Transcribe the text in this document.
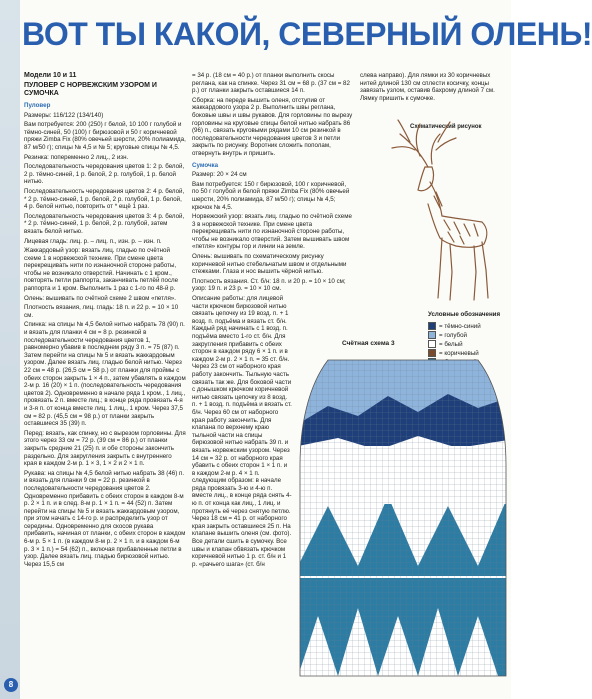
ВОТ ТЫ КАКОЙ, СЕВЕРНЫЙ ОЛЕНЬ!

Модели 10 и 11

ПУЛОВЕР С НОРВЕЖСКИМ УЗОРОМ И СУМОЧКА

Пуловер

Размеры: 116/122 (134/140)

Вам потребуется: 200 (250) г белой, 10 100 г голубой и тёмно-синей, 50 (100) г бирюзовой и 50 г коричневой пряжи Zimba Fix (80% овечьей шерсти, 20% полиамида, 87 м/50 г); спицы № 4,5 и № 5; круговые спицы № 4,5.

Резинка: попеременно 2 лиц., 2 изн.

Последовательность чередования цветов 1: 2 р. белой, 2 р. тёмно-синей, 1 р. белой, 2 р. голубой, 1 р. белой нитью.

Последовательность чередования цветов 2: 4 р. белой, * 2 р. тёмно-синей, 1 р. белой, 2 р. голубой, 1 р. белой, 4 р. белой нитью, повторить от * ещё 1 раз.

Последовательность чередования цветов 3: 4 р. белой, * 2 р. тёмно-синей, 1 р. белой, 2 р. голубой, затем вязать белой нитью.

Лицевая гладь: лиц. р. – лиц. п., изн. р. – изн. п.

Жаккардовый узор: вязать лиц. гладью по счётной схеме 1 в норвежской технике. При смене цвета перекрещивать нити по изнаночной стороне работы, чтобы не возникало отверстий. Начинать с 1 кром., повторять петли раппорта, заканчивать петлёй после раппорта и 1 кром. Выполнить 1 раз с 1-го по 48-й р.

Олень: вышивать по счётной схеме 2 швом «петля».

Плотность вязания, лиц. гладь: 18 п. и 22 р. = 10 × 10 см.

Спинка: на спицы № 4,5 белой нитью набрать 78 (90) п. и вязать для планки 4 см = 8 р. резинкой в последовательности чередования цветов 1, равномерно убавив в последнем ряду 3 п. = 75 (87) п. Затем перейти на спицы № 5 и вязать жаккардовым узором. Далее вязать лиц. гладью белой нитью. Через 22 см = 48 р. (26,5 см = 58 р.) от планки для проймы с обеих сторон закрыть 1 × 4 п., затем убавлять в каждом 2-м р. 16 (20) × 1 п. (последовательность чередования цветов 2). Одновременно в начале ряда 1 кром., 1 лиц., провязать 2 п. вместе лиц.; в конце ряда провязать 4-я и 3-я п. от конца вместе лиц. 1 лиц., 1 кром. Через 37,5 см = 82 р. (45,5 см = 98 р.) от планки закрыть оставшиеся 35 (39) п.

Перед: вязать, как спинку, но с вырезом горловины. Для этого через 33 см = 72 р. (39 см = 86 р.) от планки закрыть средние 21 (25) п. и обе стороны закончить раздельно. Для закругления закрыть с внутреннего края в каждом 2-м р. 1 × 3, 1 × 2 и 2 × 1 п.

Рукава: на спицы № 4,5 белой нитью набрать 38 (46) п. и вязать для планки 9 см = 22 р. резинкой в последовательности чередования цветов 2. Одновременно прибавить с обеих сторон в каждом 8-м р. 2 × 1 п. и в след. 8-м р. 1 × 1 п. = 44 (52) п. Затем перейти на спицы № 5 и вязать жаккардовым узором, при этом начать с 14-го р. и распределить узор от середины. Одновременно для скосов рукава прибавить, начиная от планки, с обеих сторон в каждом 6-м р. 5 × 1 п. (в каждом 8-м р. 2 × 1 п. и в каждом 6-м р. 3 × 1 п.) = 54 (62) п., включая прибавленные петли в узор. Далее вязать лиц. гладью бирюзовой нитью. Через 15,5 см

= 34 р. (18 см = 40 р.) от планки выполнить скосы реглана, как на спинке. Через 31 см = 68 р. (37 см = 82 р.) от планки закрыть оставшиеся 14 п.

Сборка: на переде вышить оленя, отступив от жаккардового узора 2 р. Выполнить швы реглана, боковые швы и швы рукавов. Для горловины по вырезу горловины на круговые спицы белой нитью набрать 86 (96) п., связать круговыми рядами 10 см резинкой в последовательности чередования цветов 3 и петли закрыть по рисунку. Воротник сложить пополам, отвернуть внутрь и пришить.

Сумочка

Размер: 20 × 24 см

Вам потребуется: 150 г бирюзовой, 100 г коричневой, по 50 г голубой и белой пряжи Zimba Fix (80% овечьей шерсти, 20% полиамида, 87 м/50 г); спицы № 4,5; крючок № 4,5.

Норвежский узор: вязать лиц. гладью по счётной схеме 3 в норвежской технике. При смене цвета перекрещивать нити по изнаночной стороне работы, чтобы не возникало отверстий. Затем вышивать швом «петля» контуры гор и линии на земле.

Олень: вышивать по схематическому рисунку коричневой нитью стебельчатым швом и отдельными стежками. Глаза и нос вышить чёрной нитью.

Плотность вязания. Ст. б/н: 18 п. и 20 р. = 10 × 10 см; узор: 19 п. и 23 р. = 10 × 10 см.

Описание работы: для лицевой части крючком бирюзовой нитью связать цепочку из 19 возд. п. + 1 возд. п. подъёма и вязать ст. б/н. Каждый ряд начинать с 1 возд. п. подъёма вместо 1-го ст. б/н. Для закругления прибавить с обеих сторон в каждом ряду 6 × 1 п. и в каждом 2-м р. 2 × 1 п. = 35 ст. б/н. Через 23 см от наборного края работу закончить. Тыльную часть связать так же. Для боковой части с донышком крючком коричневой нитью связать цепочку из 8 возд. п. + 1 возд. п. подъёма и вязать ст. б/н. Через 60 см от наборного края работу закончить. Для клапана по верхнему краю тыльной части на спицы бирюзовой нитью набрать 39 п. и вязать норвежским узором. Через 14 см = 32 р. от наборного края убавить с обеих сторон 1 × 1 п. и в каждом 2-м р. 4 × 1 п. следующим образом: в начале ряда провязать 3-ю и 4-ю п. вместе лиц., в конце ряда снять 4-ю п. от конца как лиц., 1 лиц. и протянуть её через снятую петлю. Через 18 см = 41 р. от наборного края закрыть оставшиеся 25 п. На клапане вышить оленя (см. фото). Все детали сшить в сумочку. Все швы и клапан обвязать крючком коричневой нитью 1 р. ст. б/н и 1 р. «рачьего шага» (ст. б/н

слева направо). Для лямки из 30 коричневых нитей длиной 130 см сплести косичку, концы завязать узлом, оставив бахрому длиной 7 см. Лямку пришить к сумочке.

Схематический рисунок
Условные обозначения
= тёмно-синий
= голубой
= белый
= коричневый
Счётная схема 3
8
